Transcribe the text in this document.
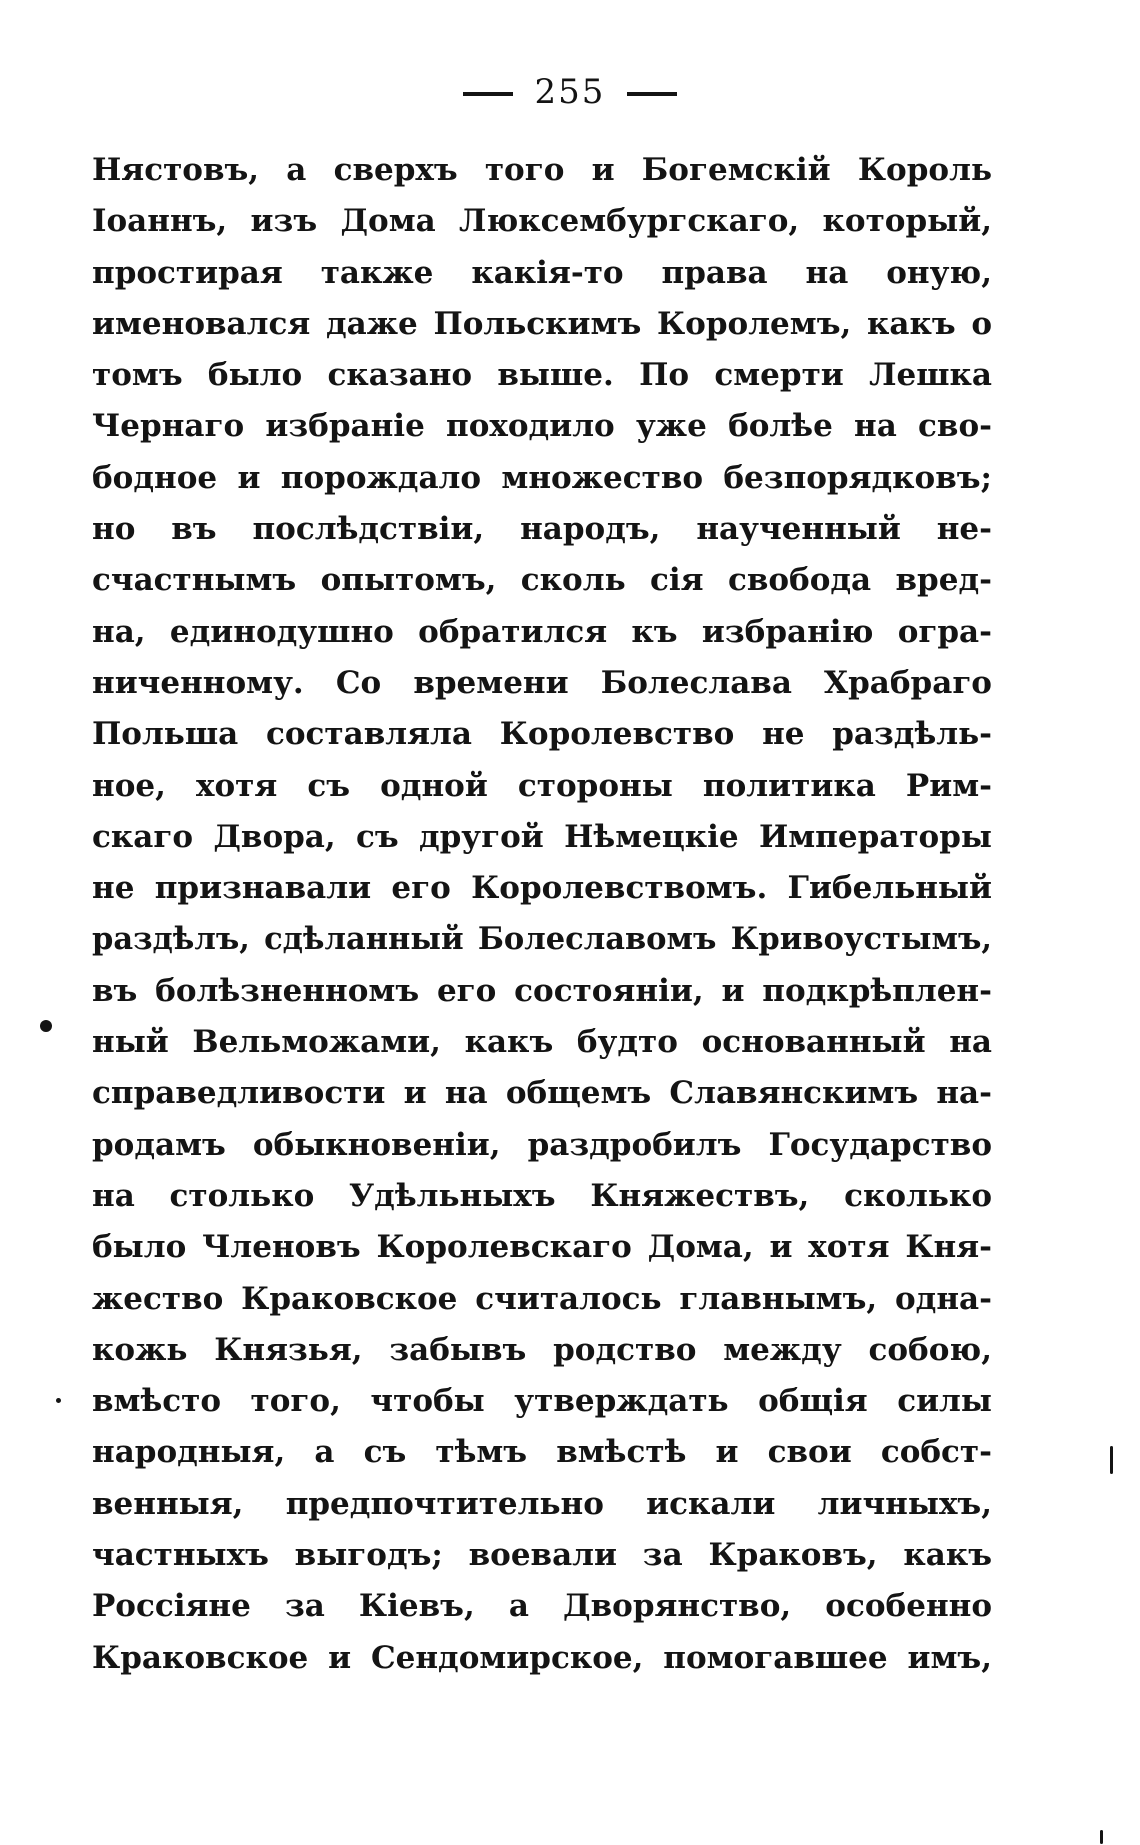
255
Нястовъ, а сверхъ того и Богемскій Король
Іоаннъ, изъ Дома Люксембургскаго, который,
простирая также какія-то права на оную,
именовался даже Польскимъ Королемъ, какъ о
томъ было сказано выше. По смерти Лешка
Чернаго избраніе походило уже болѣе на сво-
бодное и порождало множество безпорядковъ;
но въ послѣдствіи, народъ, наученный не-
счастнымъ опытомъ, сколь сія свобода вред-
на, единодушно обратился къ избранію огра-
ниченному. Со времени Болеслава Храбраго
Польша составляла Королевство не раздѣль-
ное, хотя съ одной стороны политика Рим-
скаго Двора, съ другой Нѣмецкіе Императоры
не признавали его Королевствомъ. Гибельный
раздѣлъ, сдѣланный Болеславомъ Кривоустымъ,
въ болѣзненномъ его состояніи, и подкрѣплен-
ный Вельможами, какъ будто основанный на
справедливости и на общемъ Славянскимъ на-
родамъ обыкновеніи, раздробилъ Государство
на столько Удѣльныхъ Княжествъ, сколько
было Членовъ Королевскаго Дома, и хотя Кня-
жество Краковское считалось главнымъ, одна-
кожь Князья, забывъ родство между собою,
вмѣсто того, чтобы утверждать общія силы
народныя, а съ тѣмъ вмѣстѣ и свои собст-
венныя, предпочтительно искали личныхъ,
частныхъ выгодъ; воевали за Краковъ, какъ
Россіяне за Кіевъ, а Дворянство, особенно
Краковское и Сендомирское, помогавшее имъ,
